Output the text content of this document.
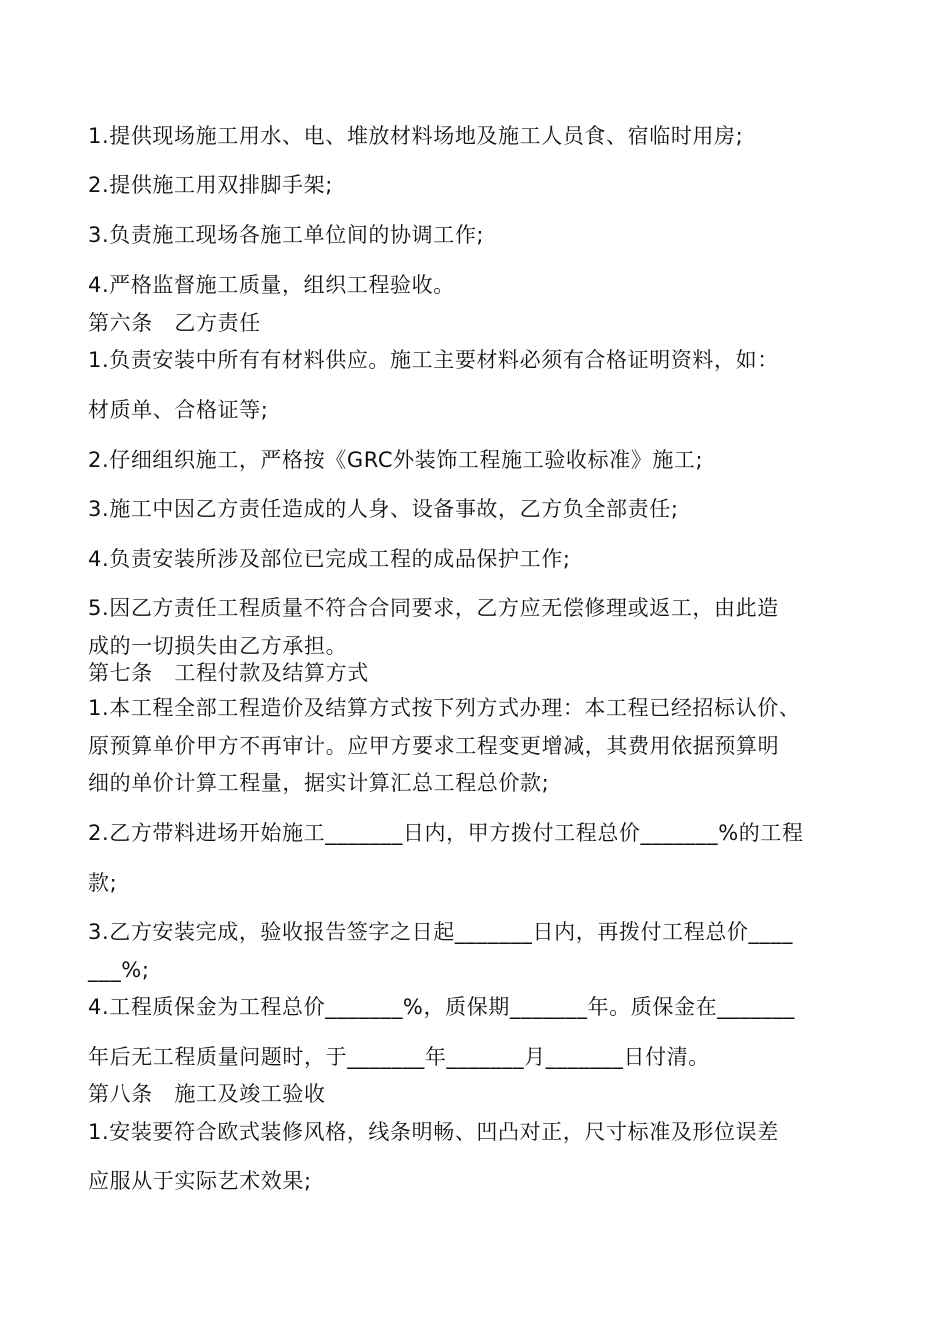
1.提供现场施工用水、电、堆放材料场地及施工人员食、宿临时用房;

2.提供施工用双排脚手架;

3.负责施工现场各施工单位间的协调工作;

4.严格监督施工质量，组织工程验收。

第六条　乙方责任

1.负责安装中所有有材料供应。施工主要材料必须有合格证明资料，如：

材质单、合格证等;

2.仔细组织施工，严格按《GRC外装饰工程施工验收标准》施工;

3.施工中因乙方责任造成的人身、设备事故，乙方负全部责任;

4.负责安装所涉及部位已完成工程的成品保护工作;

5.因乙方责任工程质量不符合合同要求，乙方应无偿修理或返工，由此造

成的一切损失由乙方承担。

第七条　工程付款及结算方式

1.本工程全部工程造价及结算方式按下列方式办理：本工程已经招标认价、

原预算单价甲方不再审计。应甲方要求工程变更增减，其费用依据预算明

细的单价计算工程量，据实计算汇总工程总价款;

2.乙方带料进场开始施工_______日内，甲方拨付工程总价_______%的工程

款;

3.乙方安装完成，验收报告签字之日起_______日内，再拨付工程总价____

___%;

4.工程质保金为工程总价_______%，质保期_______年。质保金在_______

年后无工程质量问题时，于_______年_______月_______日付清。

第八条　施工及竣工验收

1.安装要符合欧式装修风格，线条明畅、凹凸对正，尺寸标准及形位误差

应服从于实际艺术效果;
